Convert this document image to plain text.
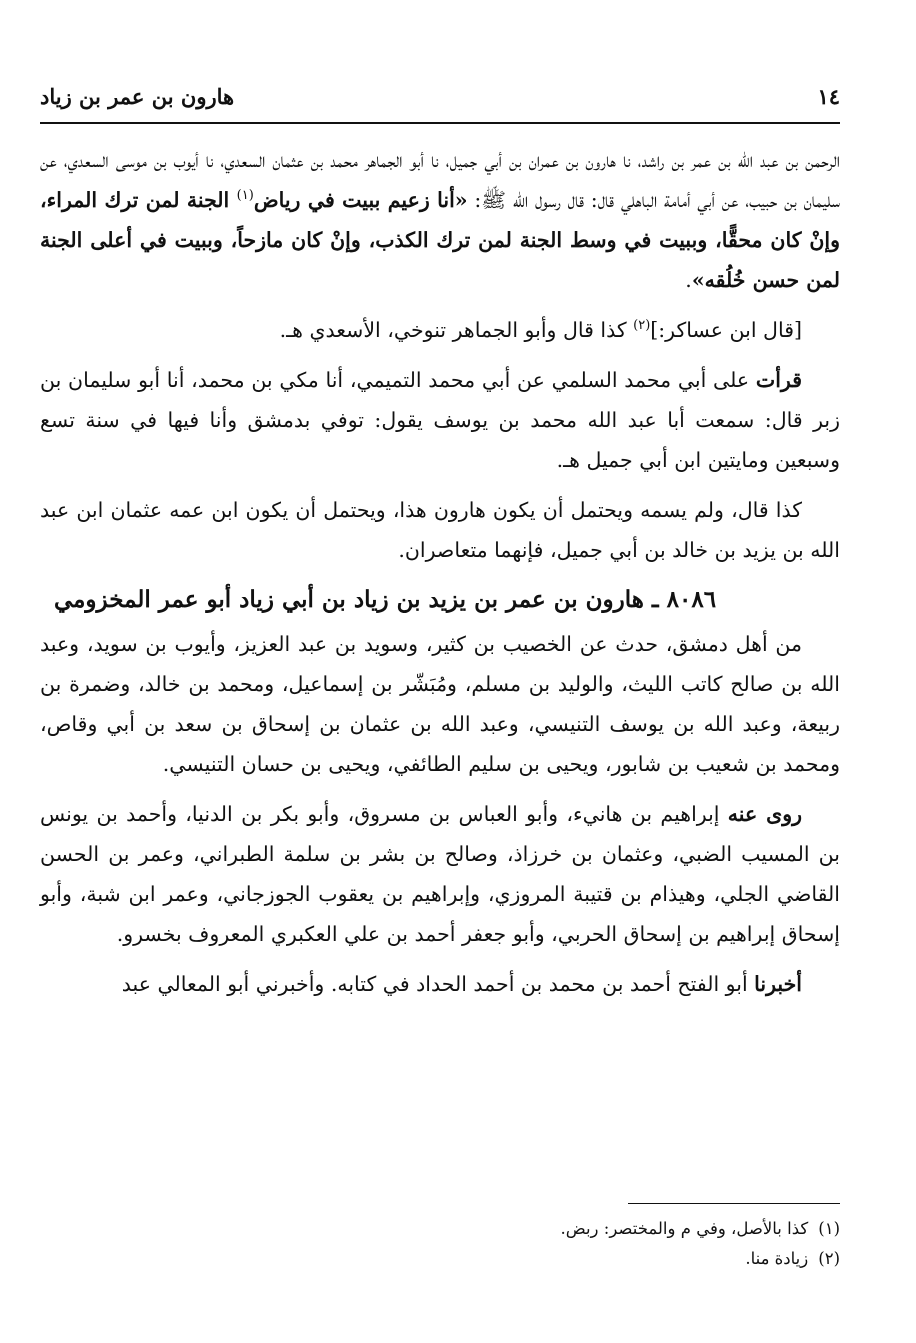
١٤
هارون بن عمر بن زياد

الرحمن بن عبد الله بن عمر بن راشد، نا هارون بن عمران بن أبي جميل، نا أبو الجماهر محمد بن عثمان السعدي، نا أيوب بن موسى السعدي، عن سليمان بن حبيب، عن أبي أمامة الباهلي قال: قال رسول الله ﷺ: «أنا زعيم ببيت في رياض$^{(١)}$ الجنة لمن ترك المراء، وإنْ كان محقًّا، وببيت في وسط الجنة لمن ترك الكذب، وإنْ كان مازحاً، وببيت في أعلى الجنة لمن حسن خُلُقه».

[قال ابن عساكر:]$^{(٢)}$ كذا قال وأبو الجماهر تنوخي، الأسعدي هـ.

قرأت على أبي محمد السلمي عن أبي محمد التميمي، أنا مكي بن محمد، أنا أبو سليمان بن زبر قال: سمعت أبا عبد الله محمد بن يوسف يقول: توفي بدمشق وأنا فيها في سنة تسع وسبعين ومايتين ابن أبي جميل هـ.

كذا قال، ولم يسمه ويحتمل أن يكون هارون هذا، ويحتمل أن يكون ابن عمه عثمان ابن عبد الله بن يزيد بن خالد بن أبي جميل، فإنهما متعاصران.

٨٠٨٦ ـ هارون بن عمر بن يزيد بن زياد بن أبي زياد أبو عمر المخزومي

من أهل دمشق، حدث عن الخصيب بن كثير، وسويد بن عبد العزيز، وأيوب بن سويد، وعبد الله بن صالح كاتب الليث، والوليد بن مسلم، ومُبَشّر بن إسماعيل، ومحمد بن خالد، وضمرة بن ربيعة، وعبد الله بن يوسف التنيسي، وعبد الله بن عثمان بن إسحاق بن سعد بن أبي وقاص، ومحمد بن شعيب بن شابور، ويحيى بن سليم الطائفي، ويحيى بن حسان التنيسي.

روى عنه إبراهيم بن هانيء، وأبو العباس بن مسروق، وأبو بكر بن الدنيا، وأحمد بن يونس بن المسيب الضبي، وعثمان بن خرزاذ، وصالح بن بشر بن سلمة الطبراني، وعمر بن الحسن القاضي الجلي، وهيذام بن قتيبة المروزي، وإبراهيم بن يعقوب الجوزجاني، وعمر ابن شبة، وأبو إسحاق إبراهيم بن إسحاق الحربي، وأبو جعفر أحمد بن علي العكبري المعروف بخسرو.

أخبرنا أبو الفتح أحمد بن محمد بن أحمد الحداد في كتابه. وأخبرني أبو المعالي عبد

(١)كذا بالأصل، وفي م والمختصر: ربض.
(٢)زيادة منا.
